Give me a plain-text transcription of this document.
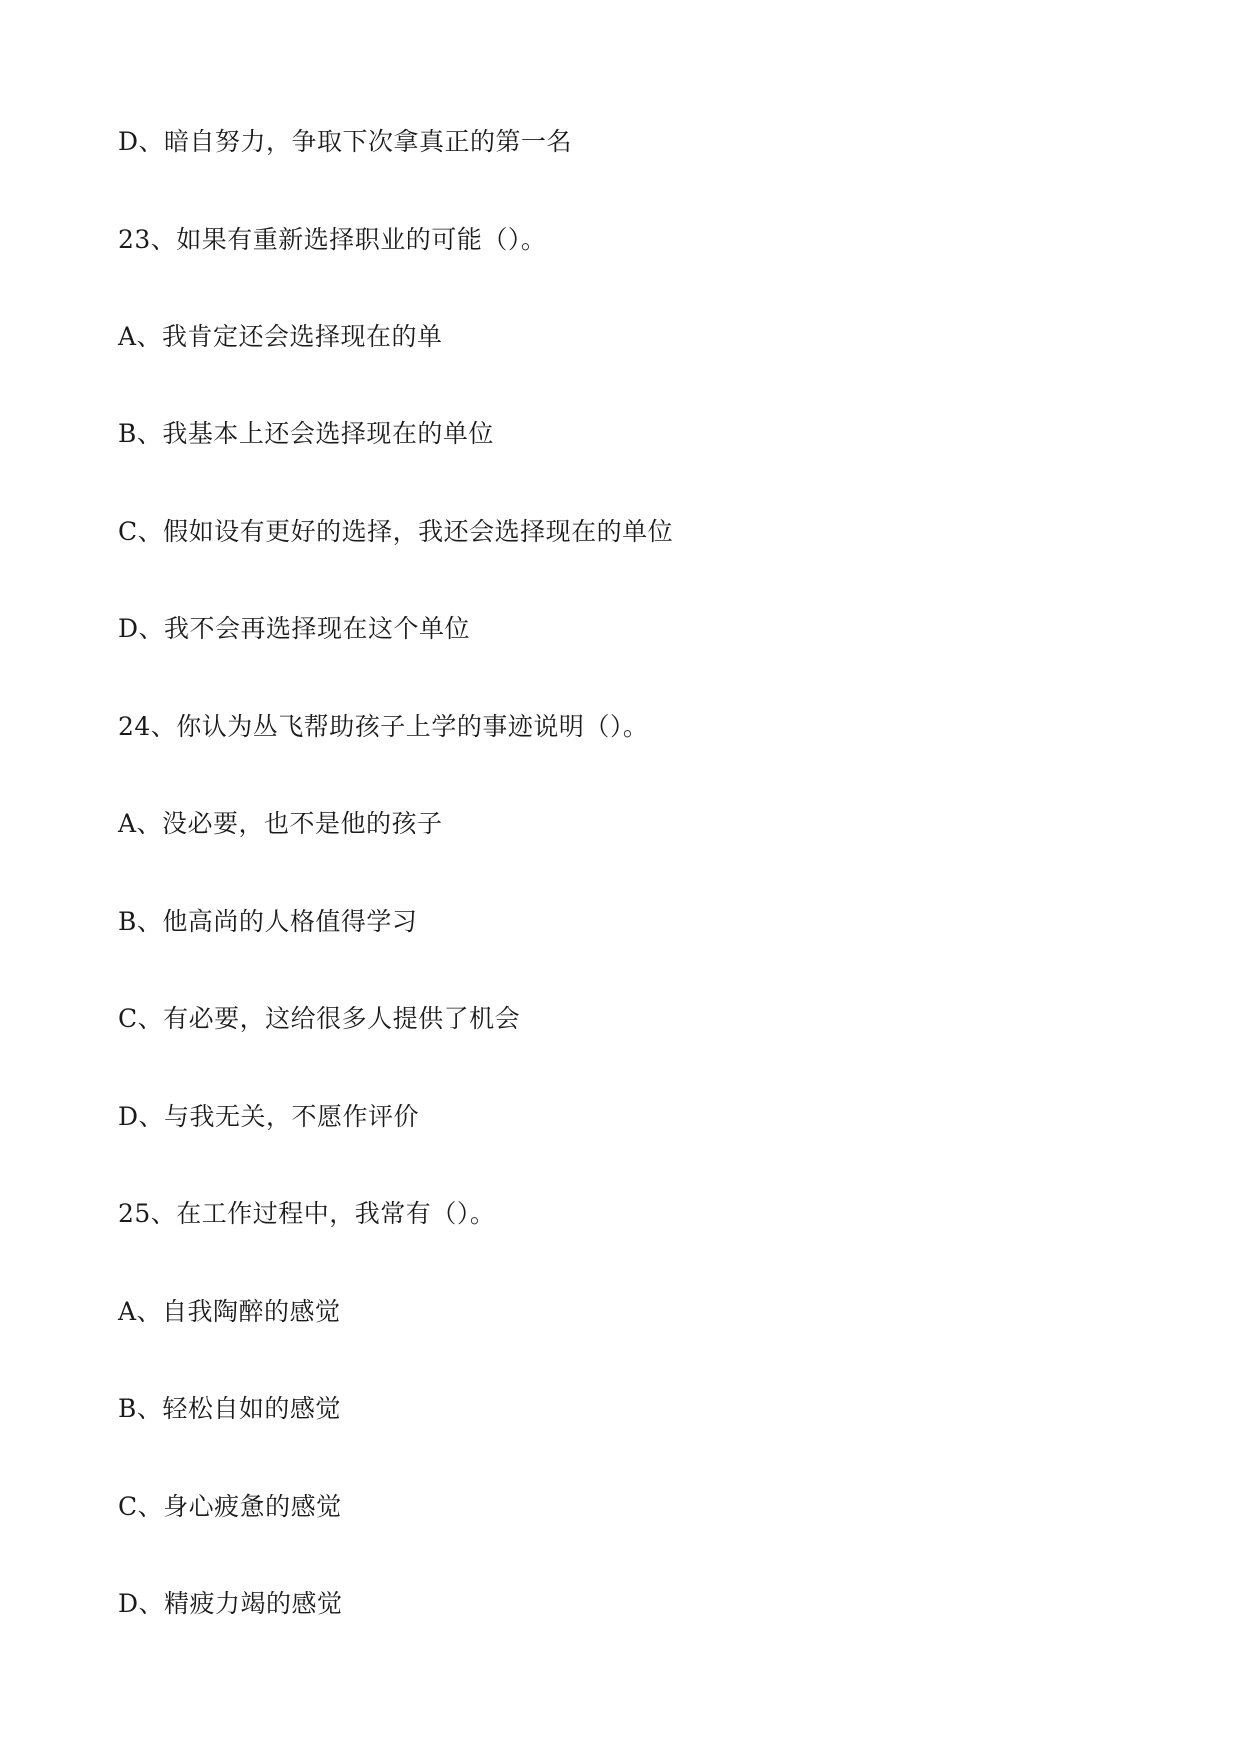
D、暗自努力，争取下次拿真正的第一名
23、如果有重新选择职业的可能（）。
A、我肯定还会选择现在的单
B、我基本上还会选择现在的单位
C、假如设有更好的选择，我还会选择现在的单位
D、我不会再选择现在这个单位
24、你认为丛飞帮助孩子上学的事迹说明（）。
A、没必要，也不是他的孩子
B、他高尚的人格值得学习
C、有必要，这给很多人提供了机会
D、与我无关，不愿作评价
25、在工作过程中，我常有（）。
A、自我陶醉的感觉
B、轻松自如的感觉
C、身心疲惫的感觉
D、精疲力竭的感觉
